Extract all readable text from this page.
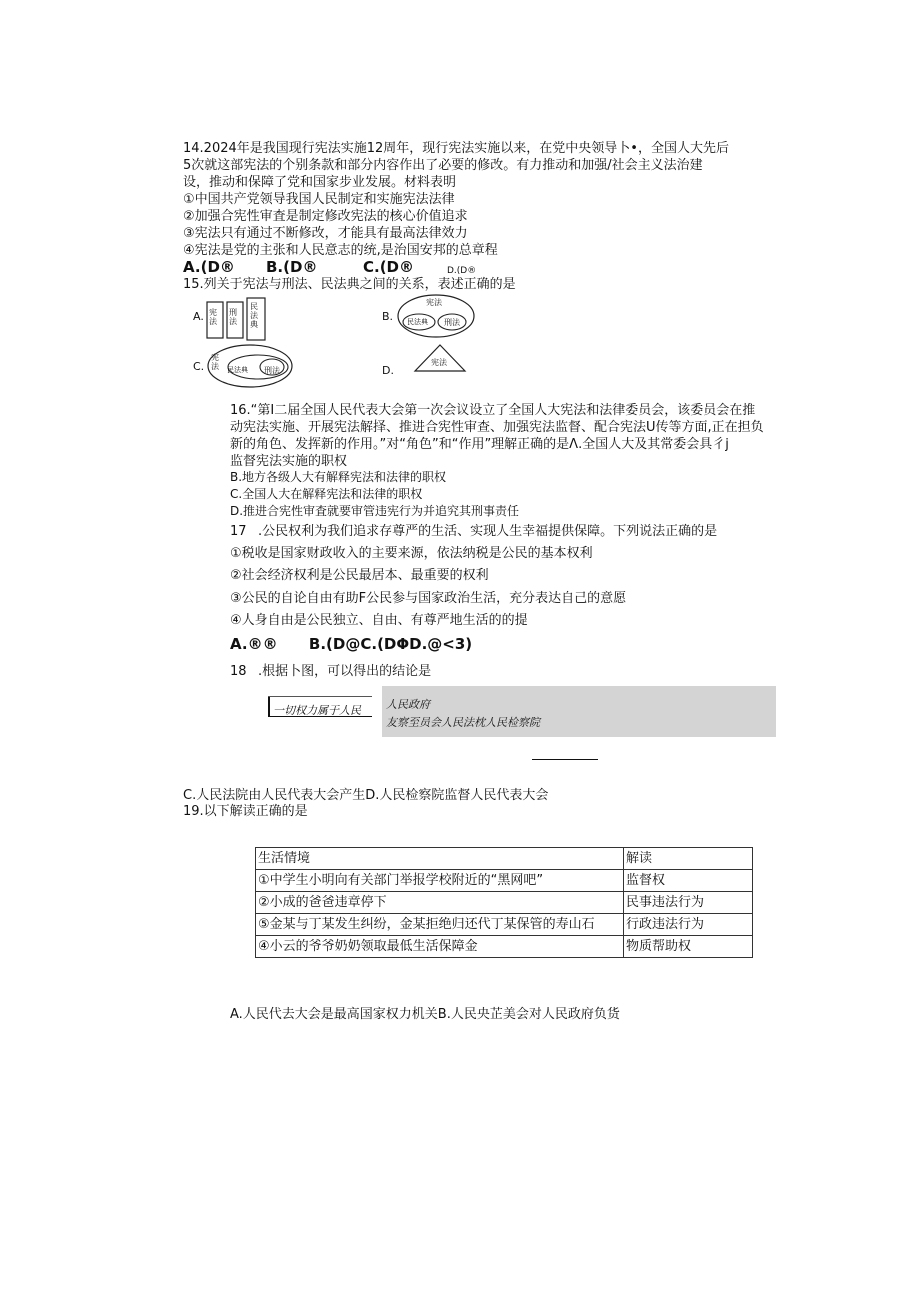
14.2024年是我国现行宪法实施12周年，现行宪法实施以来，在党中央领导卜•，全国人大先后
5次就这部宪法的个别条款和部分内容作出了必要的修改。有力推动和加强/社会主义法治建
设，推动和保障了党和国家步业发展。材料表明
①中国共产党领导我国人民制定和实施宪法法律
②加强合宪性审査是制定修改宪法的核心价值追求
③宪法只有通过不断修改，才能具有最高法律效力
④宪法是党的主张和人民意志的统,是治国安邦的总章程
A.(D® B.(D®	C.(D®	D.(D®
15.列关于宪法与刑法、民法典之间的关系，表述正确的是
A. 宪法
刑法
民法典
B.
宪法
民法典 刑法
C.
宪法 民法典 刑法	D.
宪法
16.“第I二届全国人民代表大会第一次会议设立了全国人大宪法和法律委员会，该委员会在推
动宪法实施、开展宪法解择、推进合宪性审查、加强宪法监督、配合宪法U传等方面,正在担负
新的角色、发挥新的作用。”对“角色”和“作用”理解正确的是Λ.全国人大及其常委会具彳j
监督宪法实施的职权
B.地方各级人大有解释宪法和法律的职权
C.全国人大在解释宪法和法律的职权
D.推进合宪性审査就要审管违宪行为并追究其刑事责任
17 .公民权利为我们追求存尊严的生活、实现人生幸福提供保障。下列说法正确的是
①税收是国家财政收入的主要来源，依法纳税是公民的基本权利
②社会经济权利是公民最居本、最重要的权利
③公民的自论自由有助F公民参与国家政治生活，充分表达自己的意愿
④人身自由是公民独立、自由、有尊严地生活的的提
A.®®      B.(D@C.(DΦD.@<3)
18 .根据卜图，可以得出的结论是
一切权力属于人民 人民政府
友察至员会人民法枕人民检察院
C.人民法院由人民代表大会产生D.人民检察院监督人民代表大会
19.以下解读正确的是
生活情境	解读
①中学生小明向有关部门举报学校附近的“黑网吧”	监督权
②小成的爸爸违章停下	民事违法行为
⑤金某与丁某发生纠纷，金某拒绝归还代丁某保管的寿山石	行政违法行为
④小云的爷爷奶奶领取最低生活保障金	物质帮助权
A.人民代去大会是最高国家权力机关B.人民央芷美会对人民政府负货
